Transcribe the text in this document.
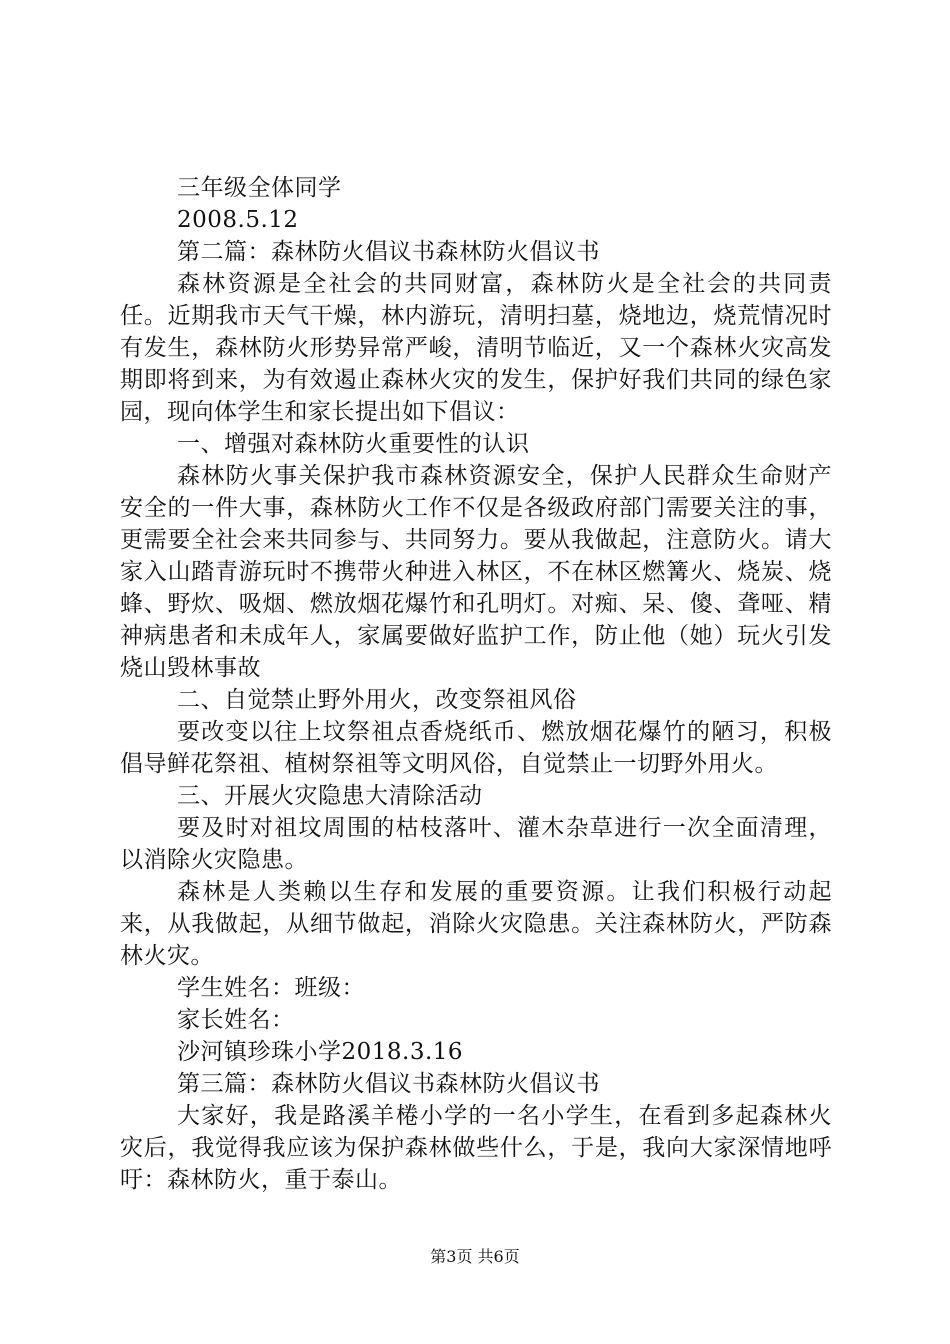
三年级全体同学

2008.5.12

第二篇：森林防火倡议书森林防火倡议书

森林资源是全社会的共同财富，森林防火是全社会的共同责任。近期我市天气干燥，林内游玩，清明扫墓，烧地边，烧荒情况时有发生，森林防火形势异常严峻，清明节临近，又一个森林火灾高发期即将到来，为有效遏止森林火灾的发生，保护好我们共同的绿色家园，现向体学生和家长提出如下倡议：

一、增强对森林防火重要性的认识

森林防火事关保护我市森林资源安全，保护人民群众生命财产安全的一件大事，森林防火工作不仅是各级政府部门需要关注的事，更需要全社会来共同参与、共同努力。要从我做起，注意防火。请大家入山踏青游玩时不携带火种进入林区，不在林区燃篝火、烧炭、烧蜂、野炊、吸烟、燃放烟花爆竹和孔明灯。对痴、呆、傻、聋哑、精神病患者和未成年人，家属要做好监护工作，防止他（她）玩火引发烧山毁林事故

二、自觉禁止野外用火，改变祭祖风俗

要改变以往上坟祭祖点香烧纸币、燃放烟花爆竹的陋习，积极倡导鲜花祭祖、植树祭祖等文明风俗，自觉禁止一切野外用火。

三、开展火灾隐患大清除活动

要及时对祖坟周围的枯枝落叶、灌木杂草进行一次全面清理，以消除火灾隐患。

森林是人类赖以生存和发展的重要资源。让我们积极行动起来，从我做起，从细节做起，消除火灾隐患。关注森林防火，严防森林火灾。

学生姓名：班级：

家长姓名：

沙河镇珍珠小学2018.3.16

第三篇：森林防火倡议书森林防火倡议书

大家好，我是路溪羊棬小学的一名小学生，在看到多起森林火灾后，我觉得我应该为保护森林做些什么，于是，我向大家深情地呼吁：森林防火，重于泰山。

第3页 共6页
